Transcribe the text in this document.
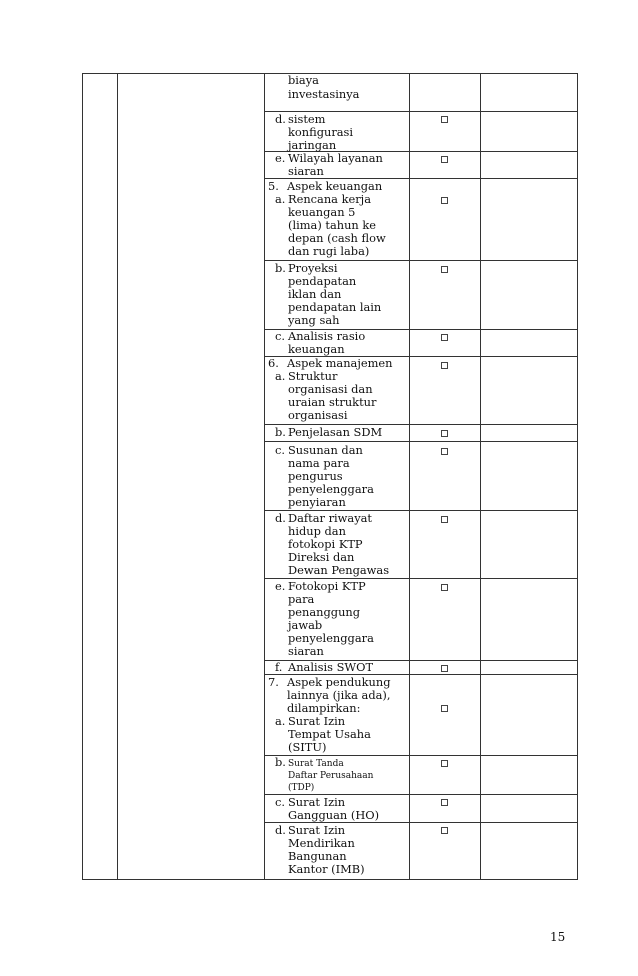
biaya
investasinya
d. sistem
konfigurasi
jaringan
e. Wilayah layanan
siaran
5. Aspek keuangan
a. Rencana kerja
keuangan 5
(lima) tahun ke
depan (cash flow
dan rugi laba)
b. Proyeksi
pendapatan
iklan dan
pendapatan lain
yang sah
c. Analisis rasio
keuangan
6. Aspek manajemen
a. Struktur
organisasi dan
uraian struktur
organisasi
b. Penjelasan SDM
c. Susunan dan
nama para
pengurus
penyelenggara
penyiaran
d. Daftar riwayat
hidup dan
fotokopi KTP
Direksi dan
Dewan Pengawas
e. Fotokopi KTP
para
penanggung
jawab
penyelenggara
siaran
f. Analisis SWOT
7. Aspek pendukung
lainnya (jika ada),
dilampirkan:
a. Surat Izin
Tempat Usaha
(SITU)
b. Surat Tanda
Daftar Perusahaan
(TDP)
c. Surat Izin
Gangguan (HO)
d. Surat Izin
Mendirikan
Bangunan
Kantor (IMB)
15
